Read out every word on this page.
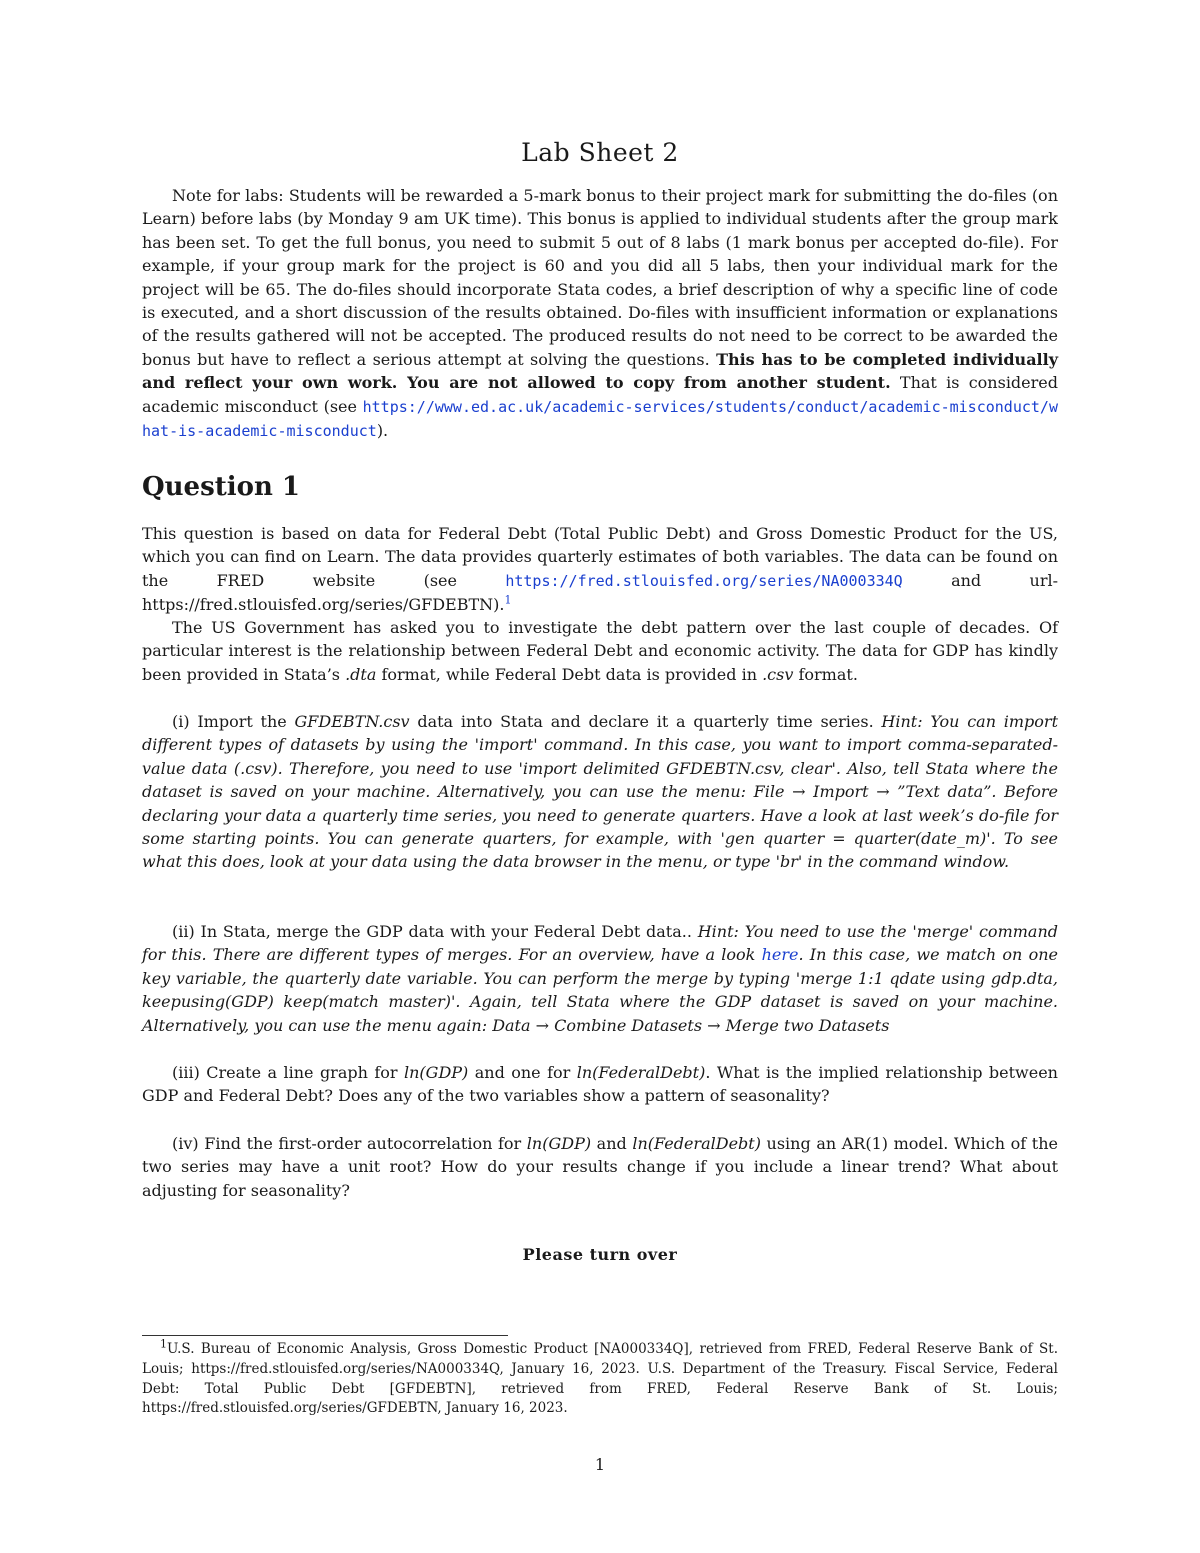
Lab Sheet 2
Note for labs: Students will be rewarded a 5-mark bonus to their project mark for submitting the do-files (on Learn) before labs (by Monday 9 am UK time). This bonus is applied to individual students after the group mark has been set. To get the full bonus, you need to submit 5 out of 8 labs (1 mark bonus per accepted do-file). For example, if your group mark for the project is 60 and you did all 5 labs, then your individual mark for the project will be 65. The do-files should incorporate Stata codes, a brief description of why a specific line of code is executed, and a short discussion of the results obtained. Do-files with insufficient information or explanations of the results gathered will not be accepted. The produced results do not need to be correct to be awarded the bonus but have to reflect a serious attempt at solving the questions. This has to be completed individually and reflect your own work. You are not allowed to copy from another student. That is considered academic misconduct (see https://www.ed.ac.uk/academic-services/students/conduct/academic-misconduct/what-is-academic-misconduct).
Question 1
This question is based on data for Federal Debt (Total Public Debt) and Gross Domestic Product for the US, which you can find on Learn. The data provides quarterly estimates of both variables. The data can be found on the FRED website (see https://fred.stlouisfed.org/series/NA000334Q and url-https://fred.stlouisfed.org/series/GFDEBTN).$^1$
The US Government has asked you to investigate the debt pattern over the last couple of decades. Of particular interest is the relationship between Federal Debt and economic activity. The data for GDP has kindly been provided in Stata’s .dta format, while Federal Debt data is provided in .csv format.
(i) Import the GFDEBTN.csv data into Stata and declare it a quarterly time series. Hint: You can import different types of datasets by using the 'import' command. In this case, you want to import comma-separated-value data (.csv). Therefore, you need to use 'import delimited GFDEBTN.csv, clear'. Also, tell Stata where the dataset is saved on your machine. Alternatively, you can use the menu: File → Import → ”Text data”. Before declaring your data a quarterly time series, you need to generate quarters. Have a look at last week’s do-file for some starting points. You can generate quarters, for example, with 'gen quarter = quarter(date_m)'. To see what this does, look at your data using the data browser in the menu, or type 'br' in the command window.
(ii) In Stata, merge the GDP data with your Federal Debt data.. Hint: You need to use the 'merge' command for this. There are different types of merges. For an overview, have a look here. In this case, we match on one key variable, the quarterly date variable. You can perform the merge by typing 'merge 1:1 qdate using gdp.dta, keepusing(GDP) keep(match master)'. Again, tell Stata where the GDP dataset is saved on your machine. Alternatively, you can use the menu again: Data → Combine Datasets → Merge two Datasets
(iii) Create a line graph for ln(GDP) and one for ln(FederalDebt). What is the implied relationship between GDP and Federal Debt? Does any of the two variables show a pattern of seasonality?
(iv) Find the first-order autocorrelation for ln(GDP) and ln(FederalDebt) using an AR(1) model. Which of the two series may have a unit root? How do your results change if you include a linear trend? What about adjusting for seasonality?
Please turn over
$^1$U.S. Bureau of Economic Analysis, Gross Domestic Product [NA000334Q], retrieved from FRED, Federal Reserve Bank of St. Louis; https://fred.stlouisfed.org/series/NA000334Q, January 16, 2023. U.S. Department of the Treasury. Fiscal Service, Federal Debt: Total Public Debt [GFDEBTN], retrieved from FRED, Federal Reserve Bank of St. Louis; https://fred.stlouisfed.org/series/GFDEBTN, January 16, 2023.
1
